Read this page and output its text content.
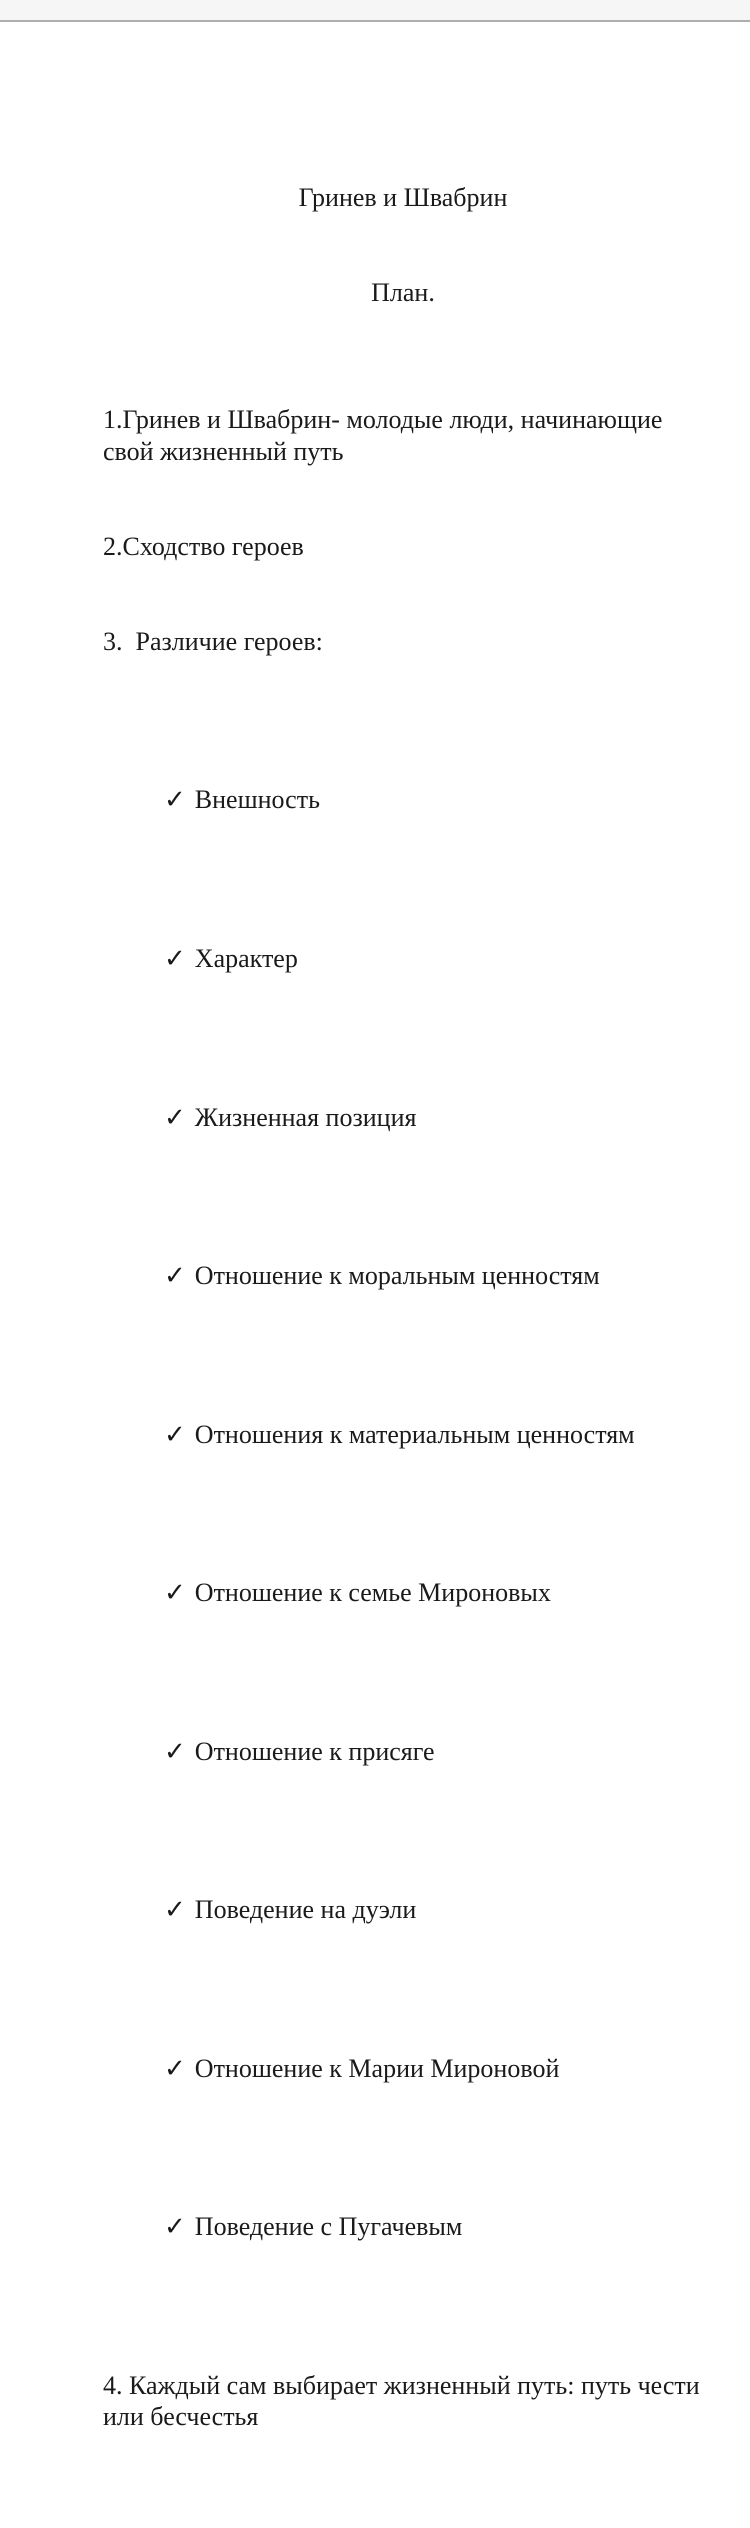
Гринев и Швабрин

План.

1.Гринев и Швабрин- молодые люди, начинающие свой жизненный путь

2.Сходство героев

3.  Различие героев:

✓ Внешность

✓ Характер

✓ Жизненная позиция

✓ Отношение к моральным ценностям

✓ Отношения к материальным ценностям

✓ Отношение к семье Мироновых

✓ Отношение к присяге

✓ Поведение на дуэли

✓ Отношение к Марии Мироновой

✓ Поведение с Пугачевым

4. Каждый сам выбирает жизненный путь: путь чести или бесчестья
